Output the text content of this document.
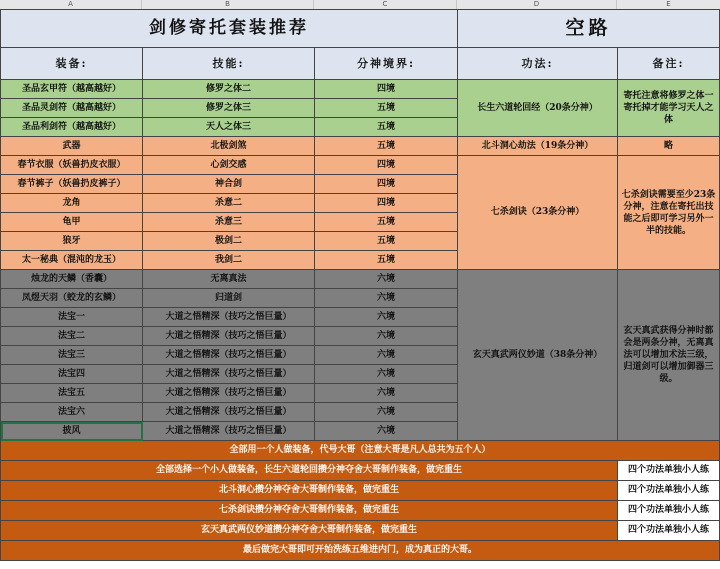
A	B	C	D	E
剑修寄托套装推荐			空路	
装备:	技能:	分神境界:	功法:	备注:
圣品玄甲符（越高越好）	修罗之体二	四境	长生六道轮回经（20条分神）	寄托注意将修罗之体一寄托掉才能学习天人之体
圣品灵剑符（越高越好）	修罗之体三	五境		
圣品利剑符（越高越好）	天人之体三	五境		
武器	北极剑煞	五境	北斗洞心劫法（19条分神）	略
春节衣服（妖兽扔皮衣服）	心剑交感	四境	七杀剑诀（23条分神）	七杀剑诀需要至少23条分神，注意在寄托出技能之后即可学习另外一半的技能。
春节裤子（妖兽扔皮裤子）	神合剑	四境		
龙角	杀意二	四境		
龟甲	杀意三	五境		
狼牙	极剑二	五境		
太一秘典（混沌的龙玉）	我剑二	五境		
烛龙的天鳞（香囊）	无离真法	六境	玄天真武两仪妙道（38条分神）	玄天真武获得分神时都会是两条分神，无离真法可以增加术法三级，归道剑可以增加御器三级。
凤煜天羽（蛟龙的玄鳞）	归道剑	六境		
法宝一	大道之悟精深（技巧之悟巨量）	六境		
法宝二	大道之悟精深（技巧之悟巨量）	六境		
法宝三	大道之悟精深（技巧之悟巨量）	六境		
法宝四	大道之悟精深（技巧之悟巨量）	六境		
法宝五	大道之悟精深（技巧之悟巨量）	六境		
法宝六	大道之悟精深（技巧之悟巨量）	六境		
披风	大道之悟精深（技巧之悟巨量）	六境		
全部用一个人做装备，代号大哥（注意大哥是凡人总共为五个人）				
全部选择一个小人做装备，长生六道轮回攒分神夺舍大哥制作装备，做完重生				四个功法单独小人练
北斗洞心攒分神夺舍大哥制作装备，做完重生				四个功法单独小人练
七杀剑诀攒分神夺舍大哥制作装备，做完重生				四个功法单独小人练
玄天真武两仪妙道攒分神夺舍大哥制作装备，做完重生				四个功法单独小人练
最后做完大哥即可开始洗练五维进内门，成为真正的大哥。				
